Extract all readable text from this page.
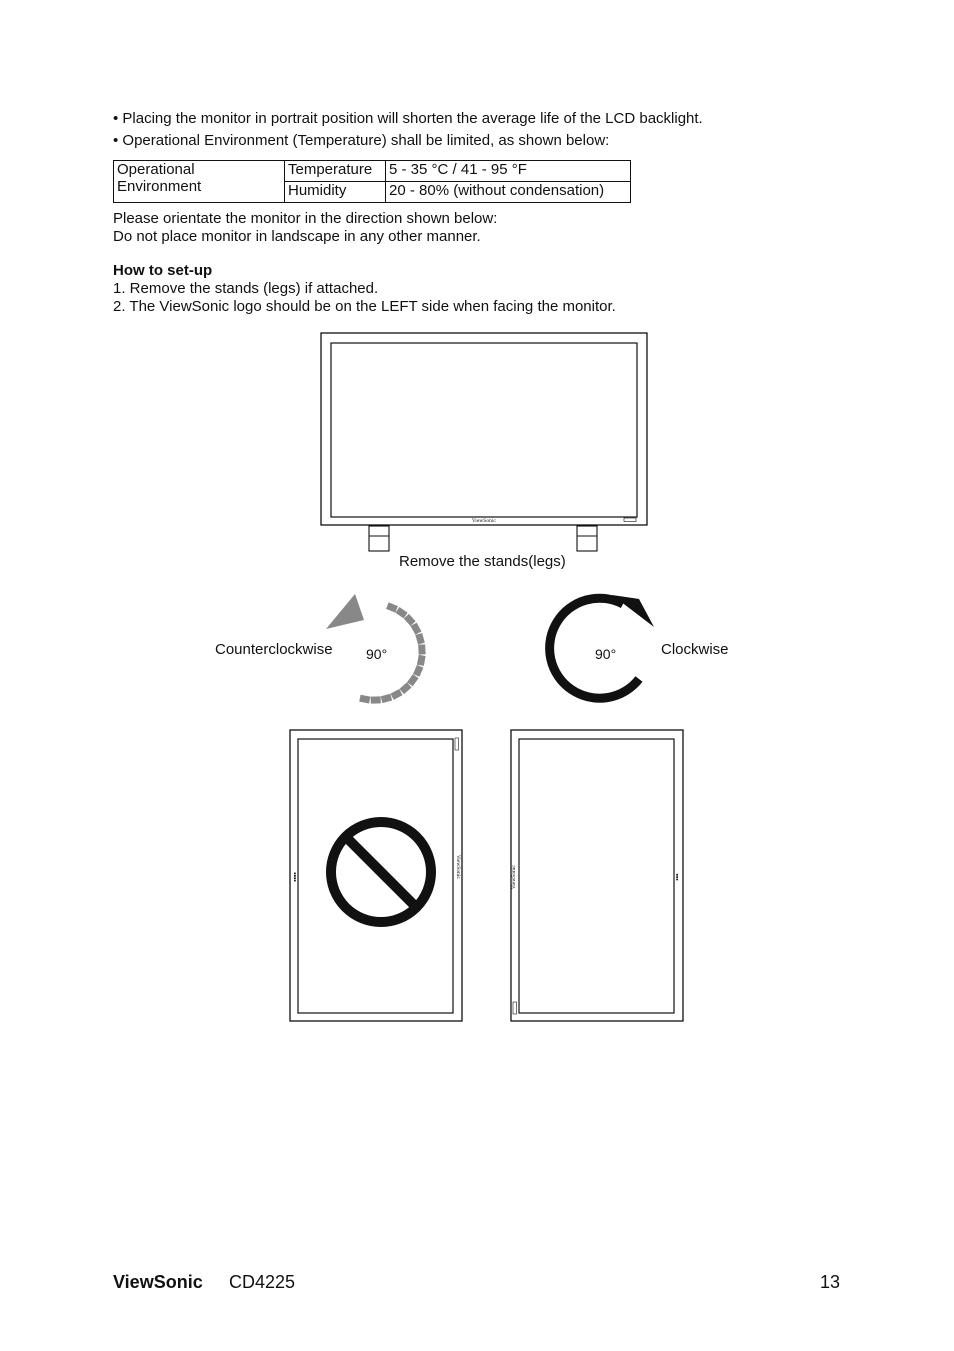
• Placing the monitor in portrait position will shorten the average life of the LCD backlight.
• Operational Environment (Temperature) shall be limited, as shown below:
Operational
Environment	Temperature	5 - 35 °C / 41 - 95 °F
	Humidity	20 - 80% (without condensation)
Please orientate the monitor in the direction shown below:
Do not place monitor in landscape in any other manner.
How to set-up
1. Remove the stands (legs) if attached.
2. The ViewSonic logo should be on the LEFT side when facing the monitor.
ViewSonic
Remove the stands(legs)
Counterclockwise 90°	90°	Clockwise
ViewSonic
▪▪▪▪	ViewSonic	▪▪▪
ViewSonic CD4225	13
